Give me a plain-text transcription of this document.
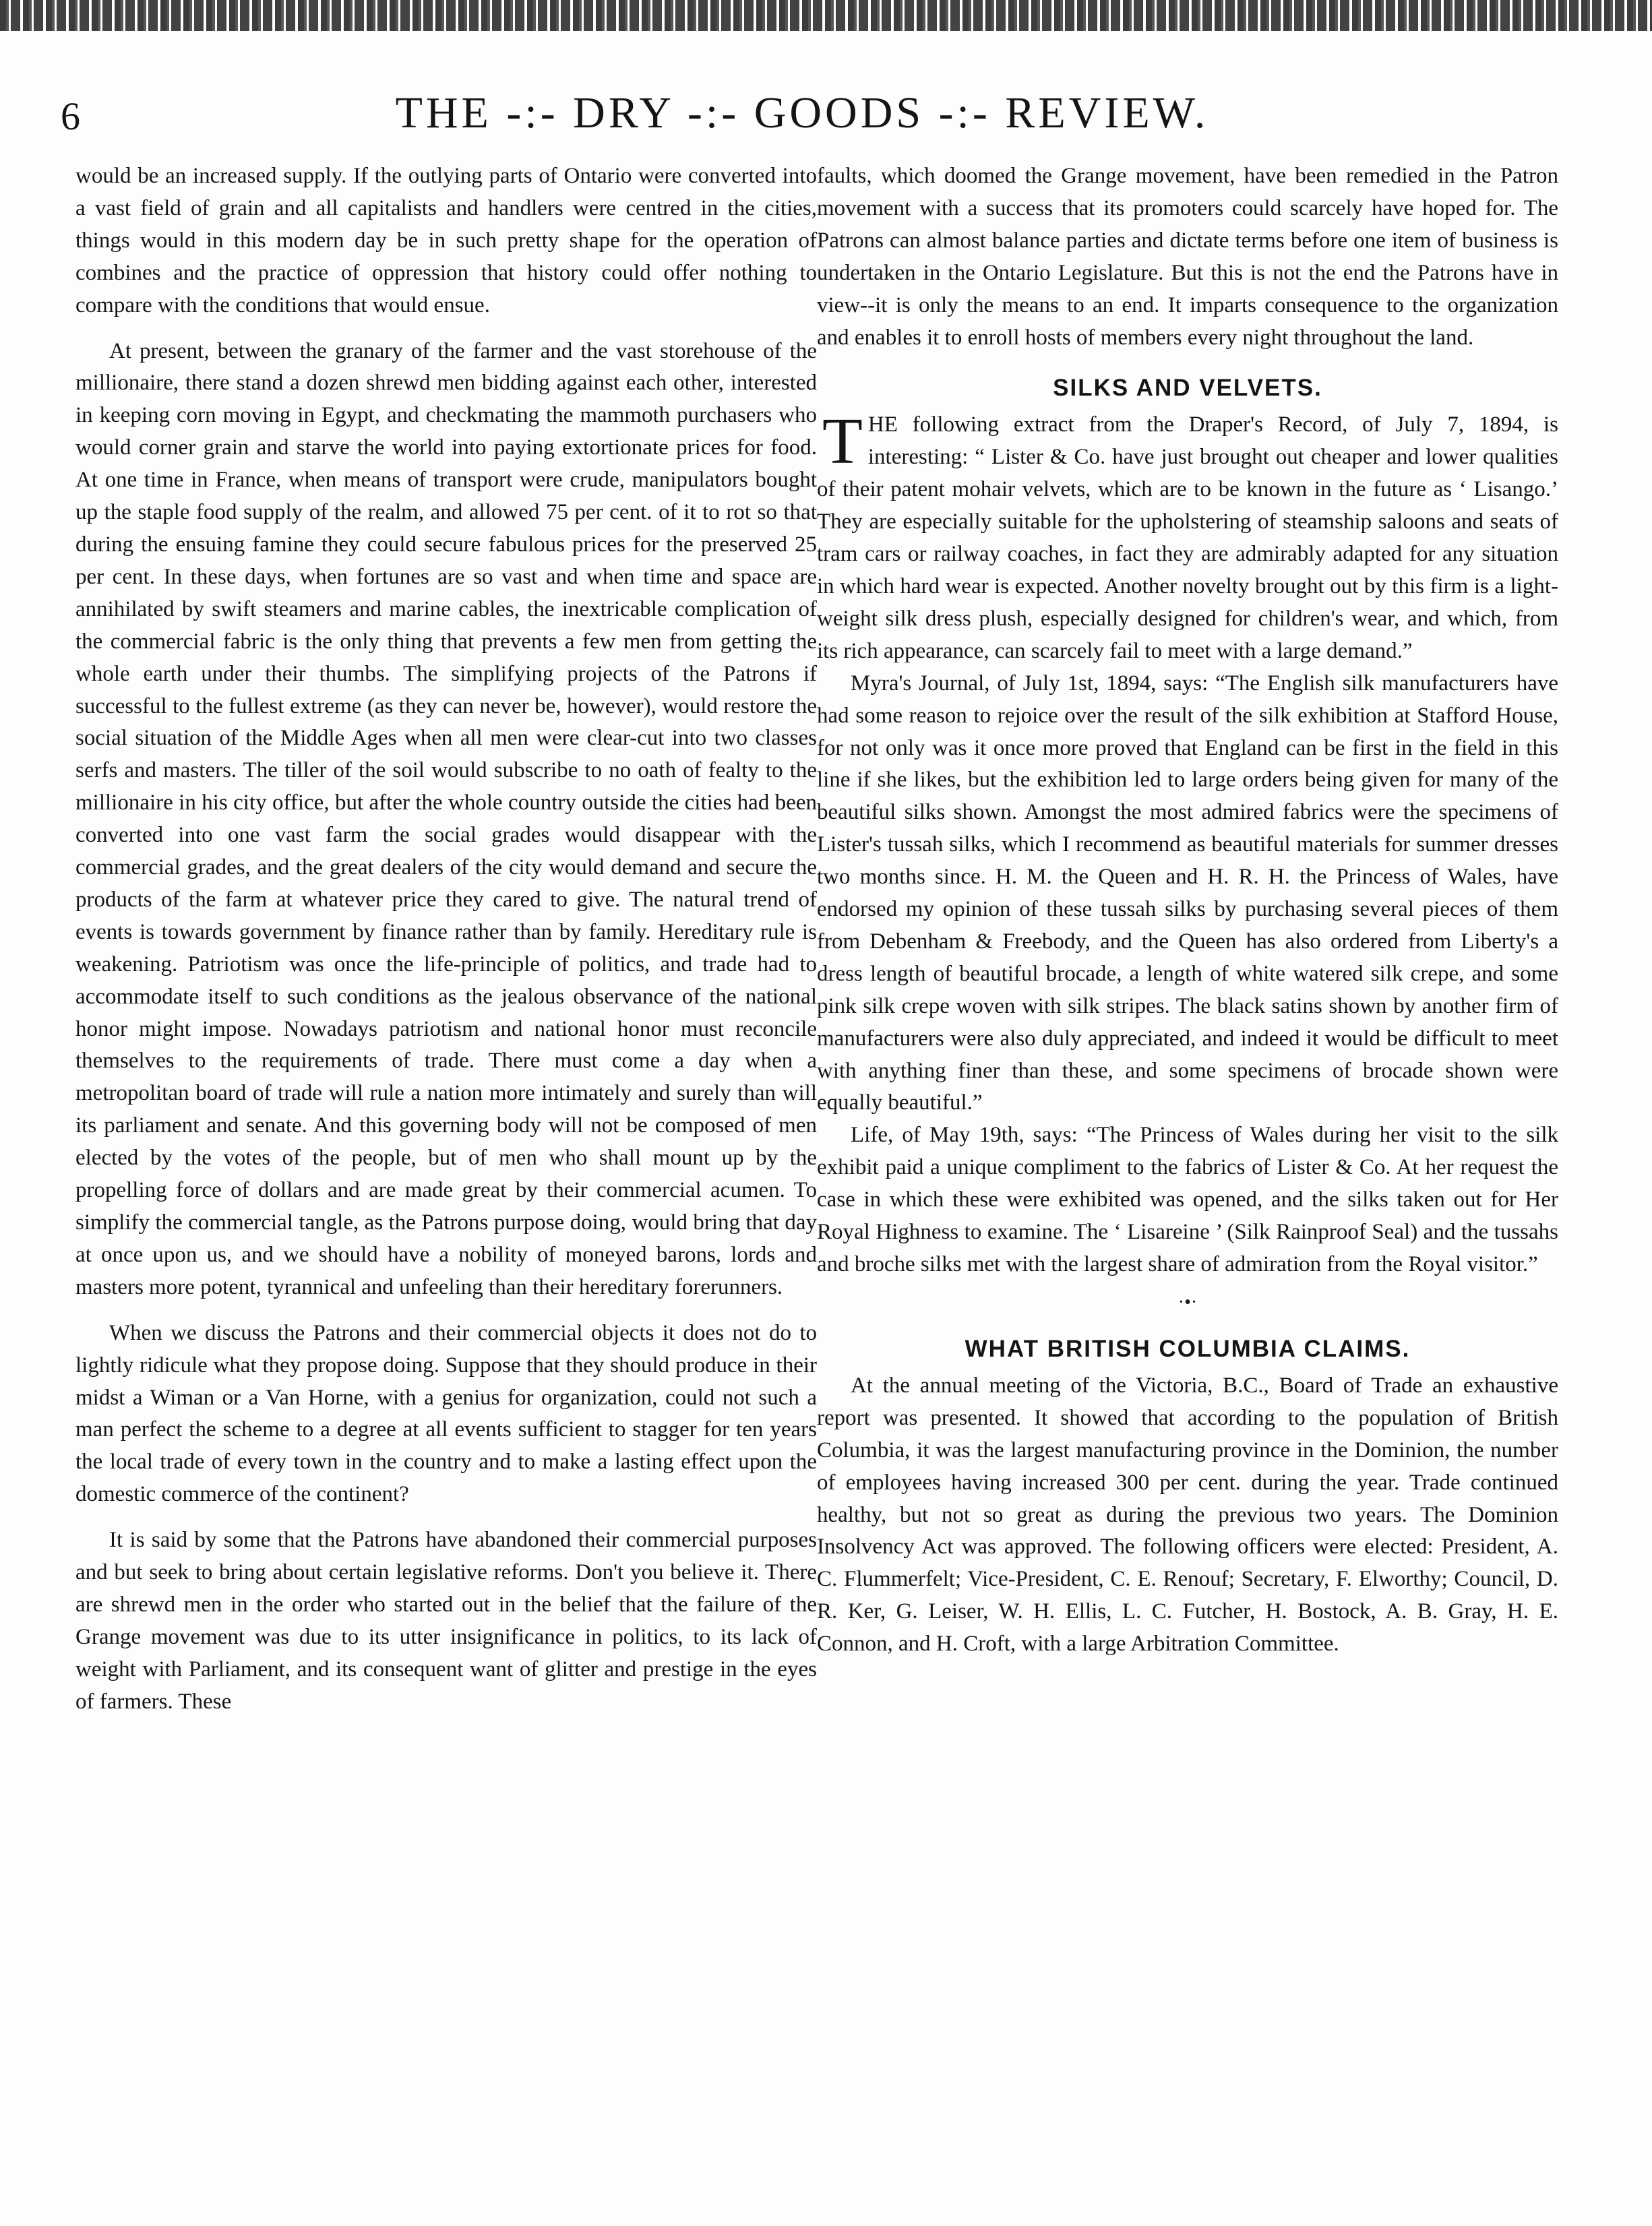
6	THE -:- DRY -:- GOODS -:- REVIEW.

would be an increased supply. If the outlying parts of Ontario were converted into a vast field of grain and all capitalists and handlers were centred in the cities, things would in this modern day be in such pretty shape for the operation of combines and the practice of oppression that history could offer nothing to compare with the conditions that would ensue.

At present, between the granary of the farmer and the vast storehouse of the millionaire, there stand a dozen shrewd men bidding against each other, interested in keeping corn moving in Egypt, and checkmating the mammoth purchasers who would corner grain and starve the world into paying extortionate prices for food. At one time in France, when means of transport were crude, manipulators bought up the staple food supply of the realm, and allowed 75 per cent. of it to rot so that during the ensuing famine they could secure fabulous prices for the preserved 25 per cent. In these days, when fortunes are so vast and when time and space are annihilated by swift steamers and marine cables, the inextricable complication of the commercial fabric is the only thing that prevents a few men from getting the whole earth under their thumbs. The simplifying projects of the Patrons if successful to the fullest extreme (as they can never be, however), would restore the social situation of the Middle Ages when all men were clear-cut into two classes serfs and masters. The tiller of the soil would subscribe to no oath of fealty to the millionaire in his city office, but after the whole country outside the cities had been converted into one vast farm the social grades would disappear with the commercial grades, and the great dealers of the city would demand and secure the products of the farm at whatever price they cared to give. The natural trend of events is towards government by finance rather than by family. Hereditary rule is weakening. Patriotism was once the life-principle of politics, and trade had to accommodate itself to such conditions as the jealous observance of the national honor might impose. Nowadays patriotism and national honor must reconcile themselves to the requirements of trade. There must come a day when a metropolitan board of trade will rule a nation more intimately and surely than will its parliament and senate. And this governing body will not be composed of men elected by the votes of the people, but of men who shall mount up by the propelling force of dollars and are made great by their commercial acumen. To simplify the commercial tangle, as the Patrons purpose doing, would bring that day at once upon us, and we should have a nobility of moneyed barons, lords and masters more potent, tyrannical and unfeeling than their hereditary forerunners.

When we discuss the Patrons and their commercial objects it does not do to lightly ridicule what they propose doing. Suppose that they should produce in their midst a Wiman or a Van Horne, with a genius for organization, could not such a man perfect the scheme to a degree at all events sufficient to stagger for ten years the local trade of every town in the country and to make a lasting effect upon the domestic commerce of the continent?

It is said by some that the Patrons have abandoned their commercial purposes and but seek to bring about certain legislative reforms. Don't you believe it. There are shrewd men in the order who started out in the belief that the failure of the Grange movement was due to its utter insignificance in politics, to its lack of weight with Parliament, and its consequent want of glitter and prestige in the eyes of farmers. These

faults, which doomed the Grange movement, have been remedied in the Patron movement with a success that its promoters could scarcely have hoped for. The Patrons can almost balance parties and dictate terms before one item of business is undertaken in the Ontario Legislature. But this is not the end the Patrons have in view--it is only the means to an end. It imparts consequence to the organization and enables it to enroll hosts of members every night throughout the land.

SILKS AND VELVETS.

THE following extract from the Draper's Record, of July 7, 1894, is interesting: “ Lister & Co. have just brought out cheaper and lower qualities of their patent mohair velvets, which are to be known in the future as ‘ Lisango.’ They are especially suitable for the upholstering of steamship saloons and seats of tram cars or railway coaches, in fact they are admirably adapted for any situation in which hard wear is expected. Another novelty brought out by this firm is a light-weight silk dress plush, especially designed for children's wear, and which, from its rich appearance, can scarcely fail to meet with a large demand.”

Myra's Journal, of July 1st, 1894, says: “The English silk manufacturers have had some reason to rejoice over the result of the silk exhibition at Stafford House, for not only was it once more proved that England can be first in the field in this line if she likes, but the exhibition led to large orders being given for many of the beautiful silks shown. Amongst the most admired fabrics were the specimens of Lister's tussah silks, which I recommend as beautiful materials for summer dresses two months since. H. M. the Queen and H. R. H. the Princess of Wales, have endorsed my opinion of these tussah silks by purchasing several pieces of them from Debenham & Freebody, and the Queen has also ordered from Liberty's a dress length of beautiful brocade, a length of white watered silk crepe, and some pink silk crepe woven with silk stripes. The black satins shown by another firm of manufacturers were also duly appreciated, and indeed it would be difficult to meet with anything finer than these, and some specimens of brocade shown were equally beautiful.”

Life, of May 19th, says: “The Princess of Wales during her visit to the silk exhibit paid a unique compliment to the fabrics of Lister & Co. At her request the case in which these were exhibited was opened, and the silks taken out for Her Royal Highness to examine. The ‘ Lisareine ’ (Silk Rainproof Seal) and the tussahs and broche silks met with the largest share of admiration from the Royal visitor.”

·•·
WHAT BRITISH COLUMBIA CLAIMS.

At the annual meeting of the Victoria, B.C., Board of Trade an exhaustive report was presented. It showed that according to the population of British Columbia, it was the largest manufacturing province in the Dominion, the number of employees having increased 300 per cent. during the year. Trade continued healthy, but not so great as during the previous two years. The Dominion Insolvency Act was approved. The following officers were elected: President, A. C. Flummerfelt; Vice-President, C. E. Renouf; Secretary, F. Elworthy; Council, D. R. Ker, G. Leiser, W. H. Ellis, L. C. Futcher, H. Bostock, A. B. Gray, H. E. Connon, and H. Croft, with a large Arbitration Committee.
